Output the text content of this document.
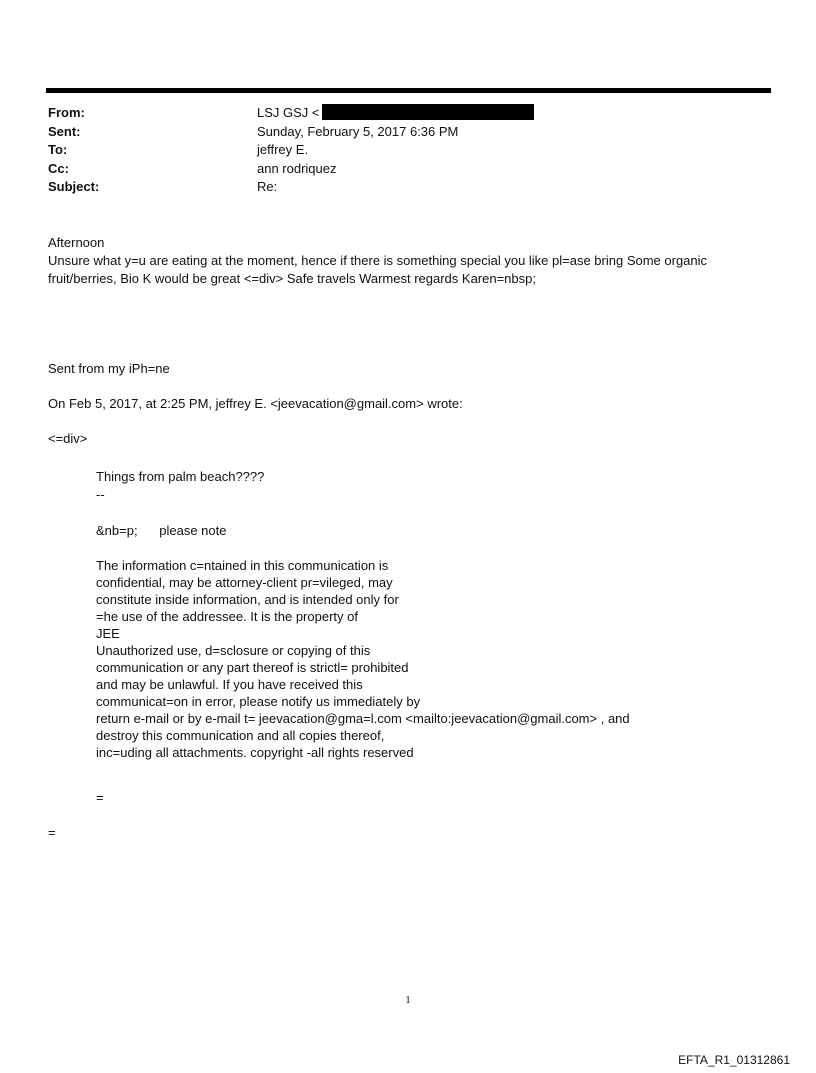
From:	LSJ GSJ <
Sent:	Sunday, February 5, 2017 6:36 PM
To:	jeffrey E.
Cc:	ann rodriquez
Subject:	Re:
Afternoon
Unsure what y=u are eating at the moment, hence if there is something special you like pl=ase bring Some organic fruit/berries, Bio K would be great <=div> Safe travels Warmest regards Karen=nbsp;
Sent from my iPh=ne
On Feb 5, 2017, at 2:25 PM, jeffrey E. <jeevacation@gmail.com> wrote:
<=div>
Things from palm beach????
--
&nb=p;      please note
The information c=ntained in this communication is
confidential, may be attorney-client pr=vileged, may
constitute inside information, and is intended only for
=he use of the addressee. It is the property of
JEE
Unauthorized use, d=sclosure or copying of this
communication or any part thereof is strictl= prohibited
and may be unlawful. If you have received this
communicat=on in error, please notify us immediately by
return e-mail or by e-mail t= jeevacation@gma=l.com <mailto:jeevacation@gmail.com> , and
destroy this communication and all copies thereof,
inc=uding all attachments. copyright -all rights reserved
=
=
1
EFTA_R1_01312861
